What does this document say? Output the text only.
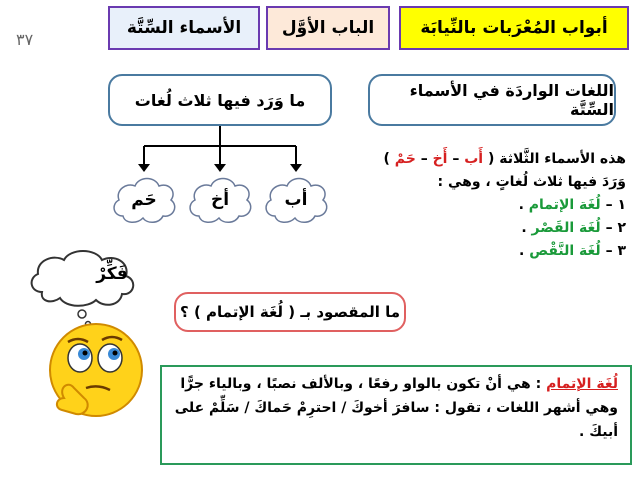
٣٧
أبواب المُعْرَبات بالنِّيابَة
الباب الأوَّل
الأسماء السِّتَّة
اللغات الواردَة في الأسماء السِّتَّة
ما وَرَد فيها ثلاث لُغات
أب
أخ
حَم
هذه الأسماء الثَّلاثة ( أَب – أَخ – حَمْ )
وَرَدَ فيها ثلاث لُغاتٍ ، وهي :
١ – لُغَة الإتمام .
٢ – لُغَة القَصْر .
٣ – لُغَة النَّقْص .
فَكِّرْ
ما المقصود بـ ( لُغَة الإتمام ) ؟
لُغَة الإتمام : هي أنْ تكون بالواو رفعًا ، وبالألف نصبًا ، وبالياء جرًّا وهي أشهر اللغات ، تقول : سافرَ أخوكَ / احترِمْ حَماكَ / سَلِّمْ على أبيكَ .
